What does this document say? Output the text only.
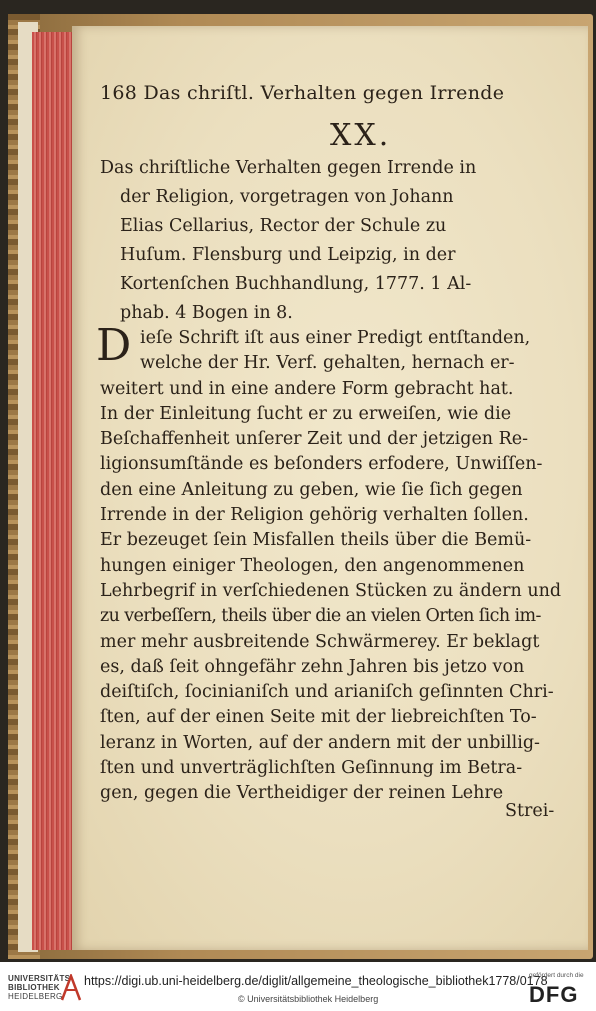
168 Das chriſtl. Verhalten gegen Irrende
XX.
Das chriſtliche Verhalten gegen Irrende in
der Religion, vorgetragen von Johann
Elias Cellarius, Rector der Schule zu
Huſum. Flensburg und Leipzig, in der
Kortenſchen Buchhandlung, 1777. 1 Al-
phab. 4 Bogen in 8.
D ieſe Schrift iſt aus einer Predigt entſtanden,
welche der Hr. Verf. gehalten, hernach er-
weitert und in eine andere Form gebracht hat.
In der Einleitung ſucht er zu erweiſen, wie die
Beſchaffenheit unſerer Zeit und der jetzigen Re-
ligionsumſtände es beſonders erfodere, Unwiſſen-
den eine Anleitung zu geben, wie ſie ſich gegen
Irrende in der Religion gehörig verhalten ſollen.
Er bezeuget ſein Misfallen theils über die Bemü-
hungen einiger Theologen, den angenommenen
Lehrbegrif in verſchiedenen Stücken zu ändern und
zu verbeſſern, theils über die an vielen Orten ſich im-
mer mehr ausbreitende Schwärmerey. Er beklagt
es, daß ſeit ohngefähr zehn Jahren bis jetzo von
deiſtiſch, ſocinianiſch und arianiſch geſinnten Chri-
ſten, auf der einen Seite mit der liebreichſten To-
leranz in Worten, auf der andern mit der unbillig-
ſten und unverträglichſten Geſinnung im Betra-
gen, gegen die Vertheidiger der reinen Lehre
Strei-
UNIVERSITÄTS-
BIBLIOTHEK
HEIDELBERG
https://digi.ub.uni-heidelberg.de/diglit/allgemeine_theologische_bibliothek1778/0178
© Universitätsbibliothek Heidelberg
gefördert durch die
DFG
